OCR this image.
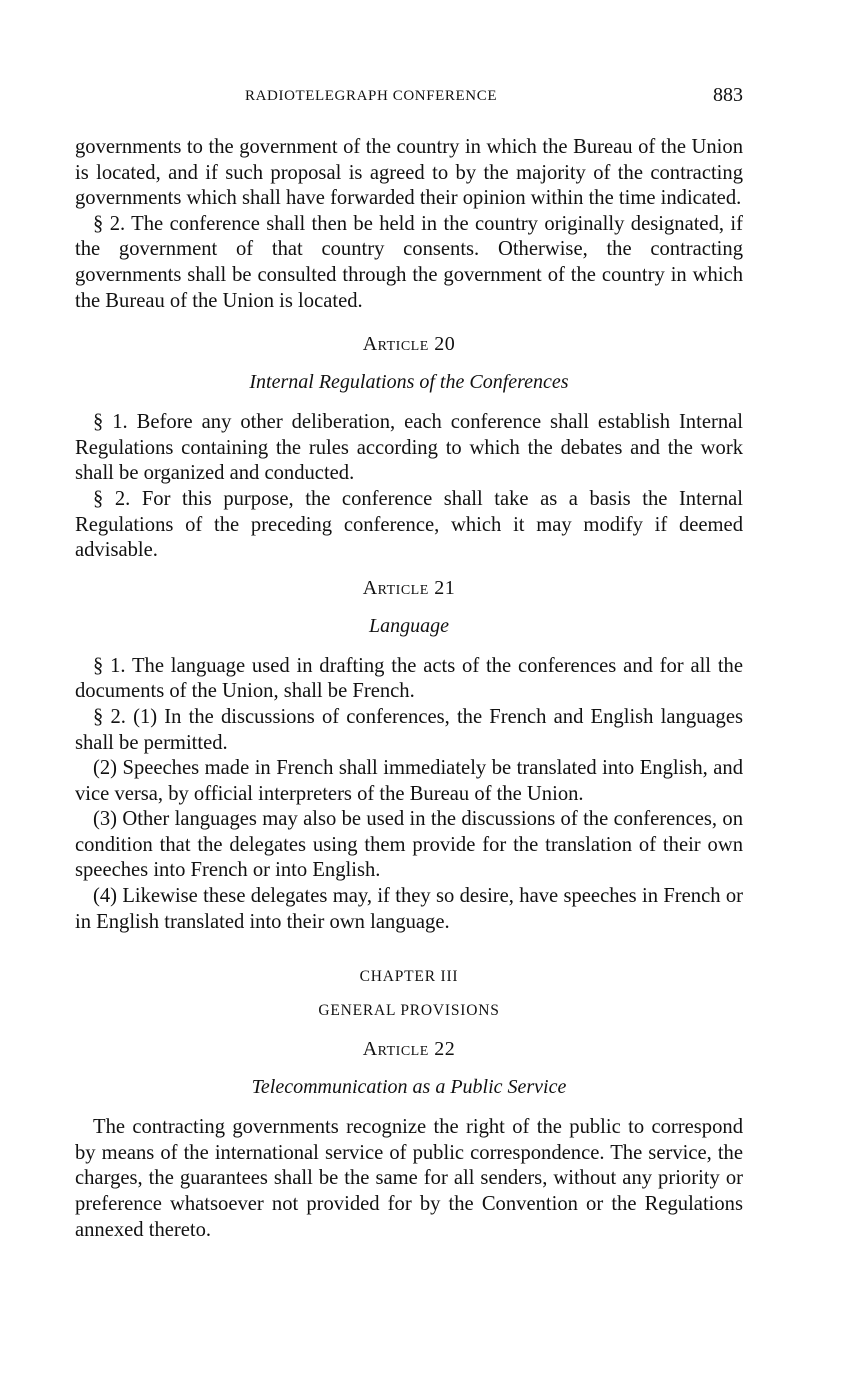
RADIOTELEGRAPH CONFERENCE	883

governments to the government of the country in which the Bureau of the Union is located, and if such proposal is agreed to by the majority of the contracting governments which shall have forwarded their opinion within the time indicated.

§ 2. The conference shall then be held in the country originally designated, if the government of that country consents. Otherwise, the contracting governments shall be consulted through the government of the country in which the Bureau of the Union is located.

Article 20
Internal Regulations of the Conferences

§ 1. Before any other deliberation, each conference shall establish Internal Regulations containing the rules according to which the debates and the work shall be organized and conducted.

§ 2. For this purpose, the conference shall take as a basis the Internal Regulations of the preceding conference, which it may modify if deemed advisable.

Article 21
Language

§ 1. The language used in drafting the acts of the conferences and for all the documents of the Union, shall be French.

§ 2. (1) In the discussions of conferences, the French and English languages shall be permitted.

(2) Speeches made in French shall immediately be translated into English, and vice versa, by official interpreters of the Bureau of the Union.

(3) Other languages may also be used in the discussions of the conferences, on condition that the delegates using them provide for the translation of their own speeches into French or into English.

(4) Likewise these delegates may, if they so desire, have speeches in French or in English translated into their own language.

CHAPTER III
GENERAL PROVISIONS
Article 22
Telecommunication as a Public Service

The contracting governments recognize the right of the public to correspond by means of the international service of public correspondence. The service, the charges, the guarantees shall be the same for all senders, without any priority or preference whatsoever not provided for by the Convention or the Regulations annexed thereto.
